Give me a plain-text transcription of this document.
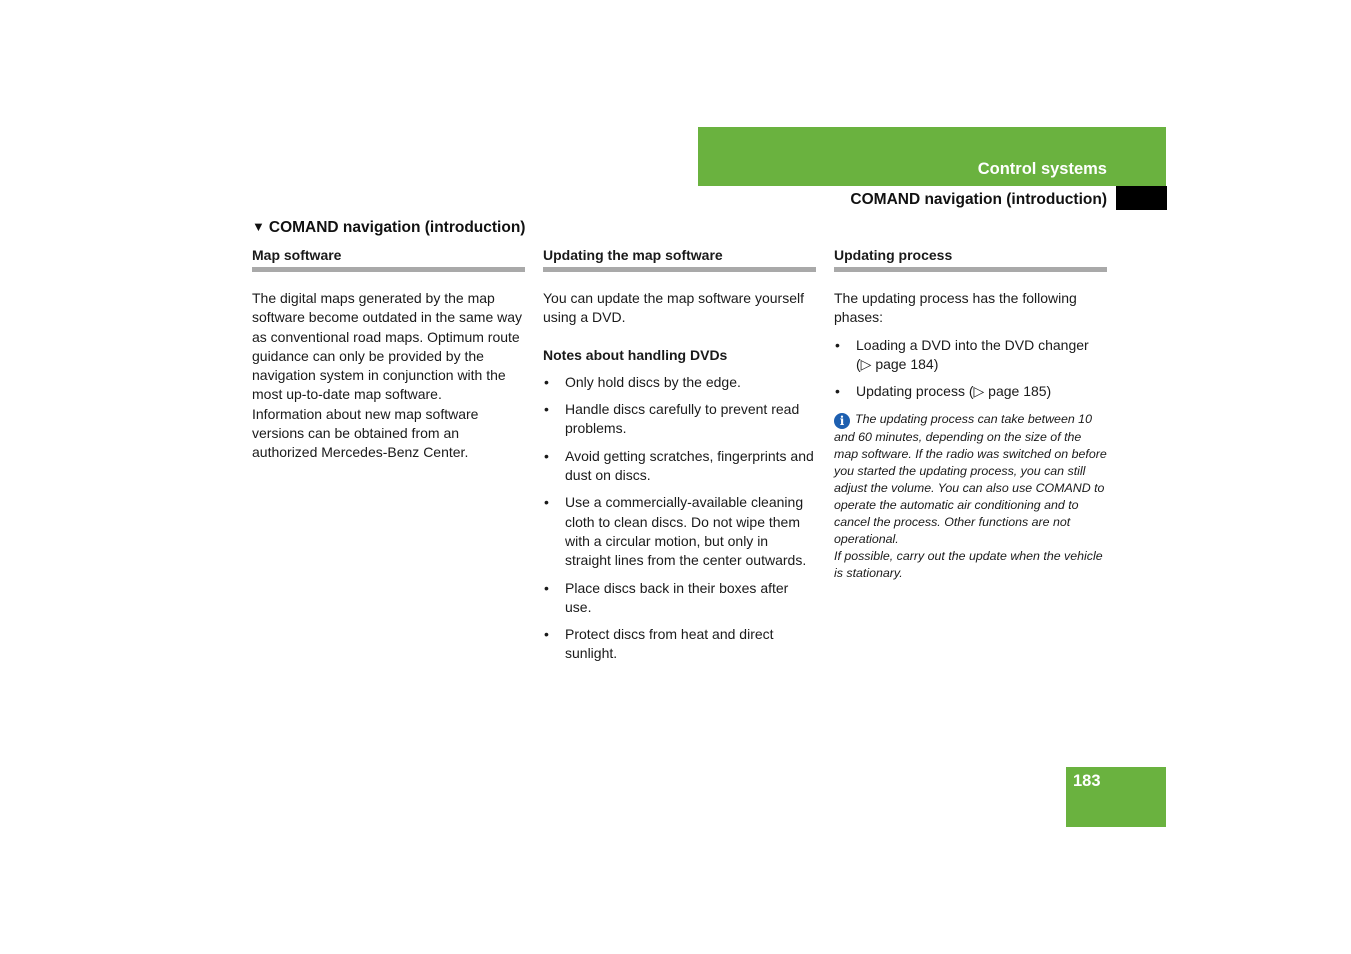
Control systems
COMAND navigation (introduction)
▼ COMAND navigation (introduction)
Map software

The digital maps generated by the map software become outdated in the same way as conventional road maps. Optimum route guidance can only be provided by the navigation system in conjunction with the most up-to-date map software.

Information about new map software versions can be obtained from an authorized Mercedes-Benz Center.

Updating the map software

You can update the map software yourself using a DVD.

Notes about handling DVDs
• Only hold discs by the edge.
• Handle discs carefully to prevent read problems.
• Avoid getting scratches, fingerprints and dust on discs.
• Use a commercially-available cleaning cloth to clean discs. Do not wipe them with a circular motion, but only in straight lines from the center outwards.
• Place discs back in their boxes after use.
• Protect discs from heat and direct sunlight.
Updating process

The updating process has the following phases:

• Loading a DVD into the DVD changer (▷ page 184)
• Updating process (▷ page 185)

i The updating process can take between 10 and 60 minutes, depending on the size of the map software. If the radio was switched on before you started the updating process, you can still adjust the volume. You can also use COMAND to operate the automatic air conditioning and to cancel the process. Other functions are not operational.

If possible, carry out the update when the vehicle is stationary.

183
